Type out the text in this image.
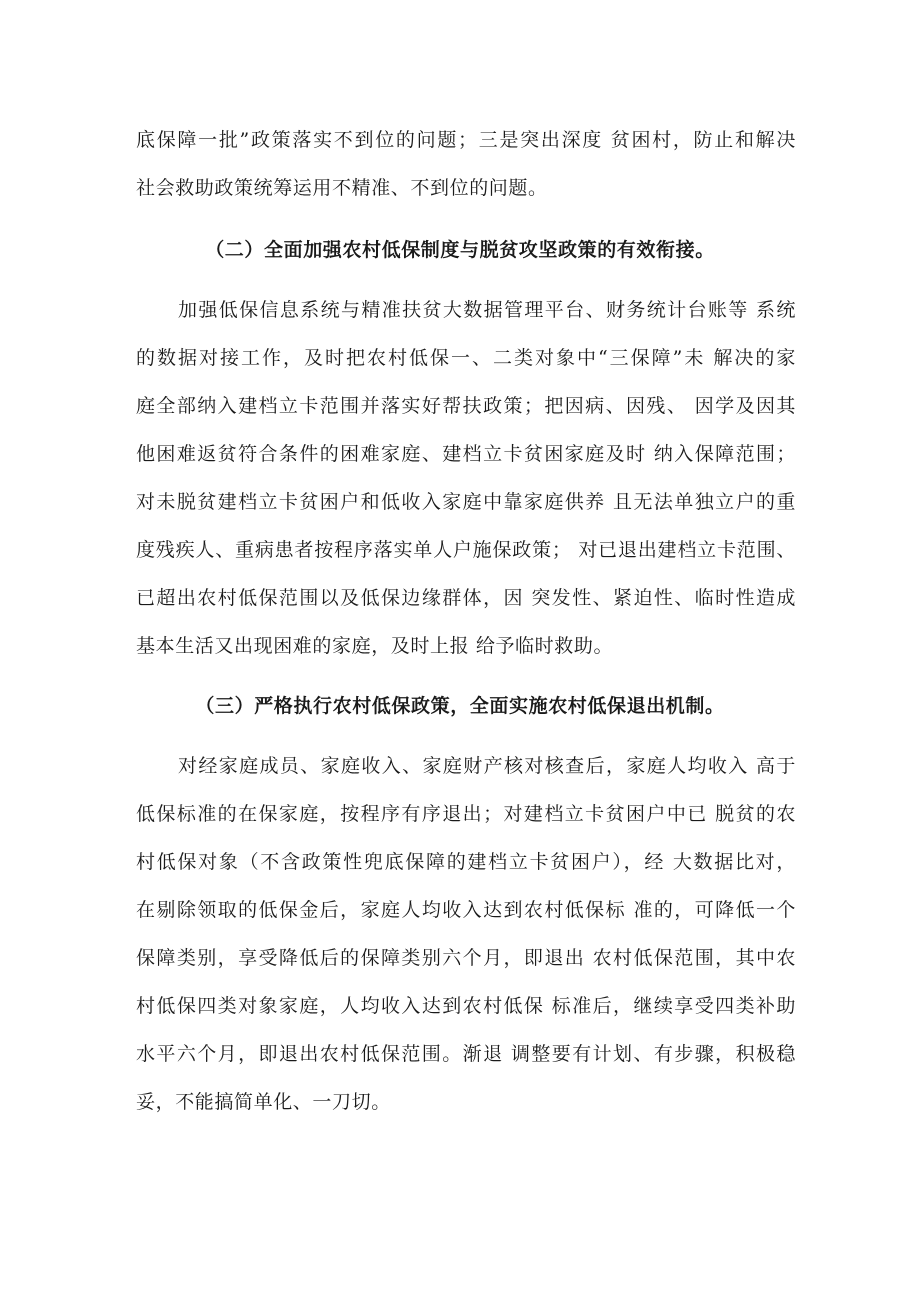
底保障一批”政策落实不到位的问题；三是突出深度 贫困村，防止和解决
社会救助政策统筹运用不精准、不到位的问题。
（二）全面加强农村低保制度与脱贫攻坚政策的有效衔接。
加强低保信息系统与精准扶贫大数据管理平台、财务统计台账等 系统
的数据对接工作，及时把农村低保一、二类对象中“三保障”未 解决的家
庭全部纳入建档立卡范围并落实好帮扶政策；把因病、因残、 因学及因其
他困难返贫符合条件的困难家庭、建档立卡贫困家庭及时 纳入保障范围；
对未脱贫建档立卡贫困户和低收入家庭中靠家庭供养 且无法单独立户的重
度残疾人、重病患者按程序落实单人户施保政策； 对已退出建档立卡范围、
已超出农村低保范围以及低保边缘群体，因 突发性、紧迫性、临时性造成
基本生活又出现困难的家庭，及时上报 给予临时救助。
（三）严格执行农村低保政策，全面实施农村低保退出机制。
对经家庭成员、家庭收入、家庭财产核对核查后，家庭人均收入 高于
低保标准的在保家庭，按程序有序退出；对建档立卡贫困户中已 脱贫的农
村低保对象（不含政策性兜底保障的建档立卡贫困户），经 大数据比对，
在剔除领取的低保金后，家庭人均收入达到农村低保标 准的，可降低一个
保障类别，享受降低后的保障类别六个月，即退出 农村低保范围，其中农
村低保四类对象家庭，人均收入达到农村低保 标准后，继续享受四类补助
水平六个月，即退出农村低保范围。渐退 调整要有计划、有步骤，积极稳
妥，不能搞简单化、一刀切。
